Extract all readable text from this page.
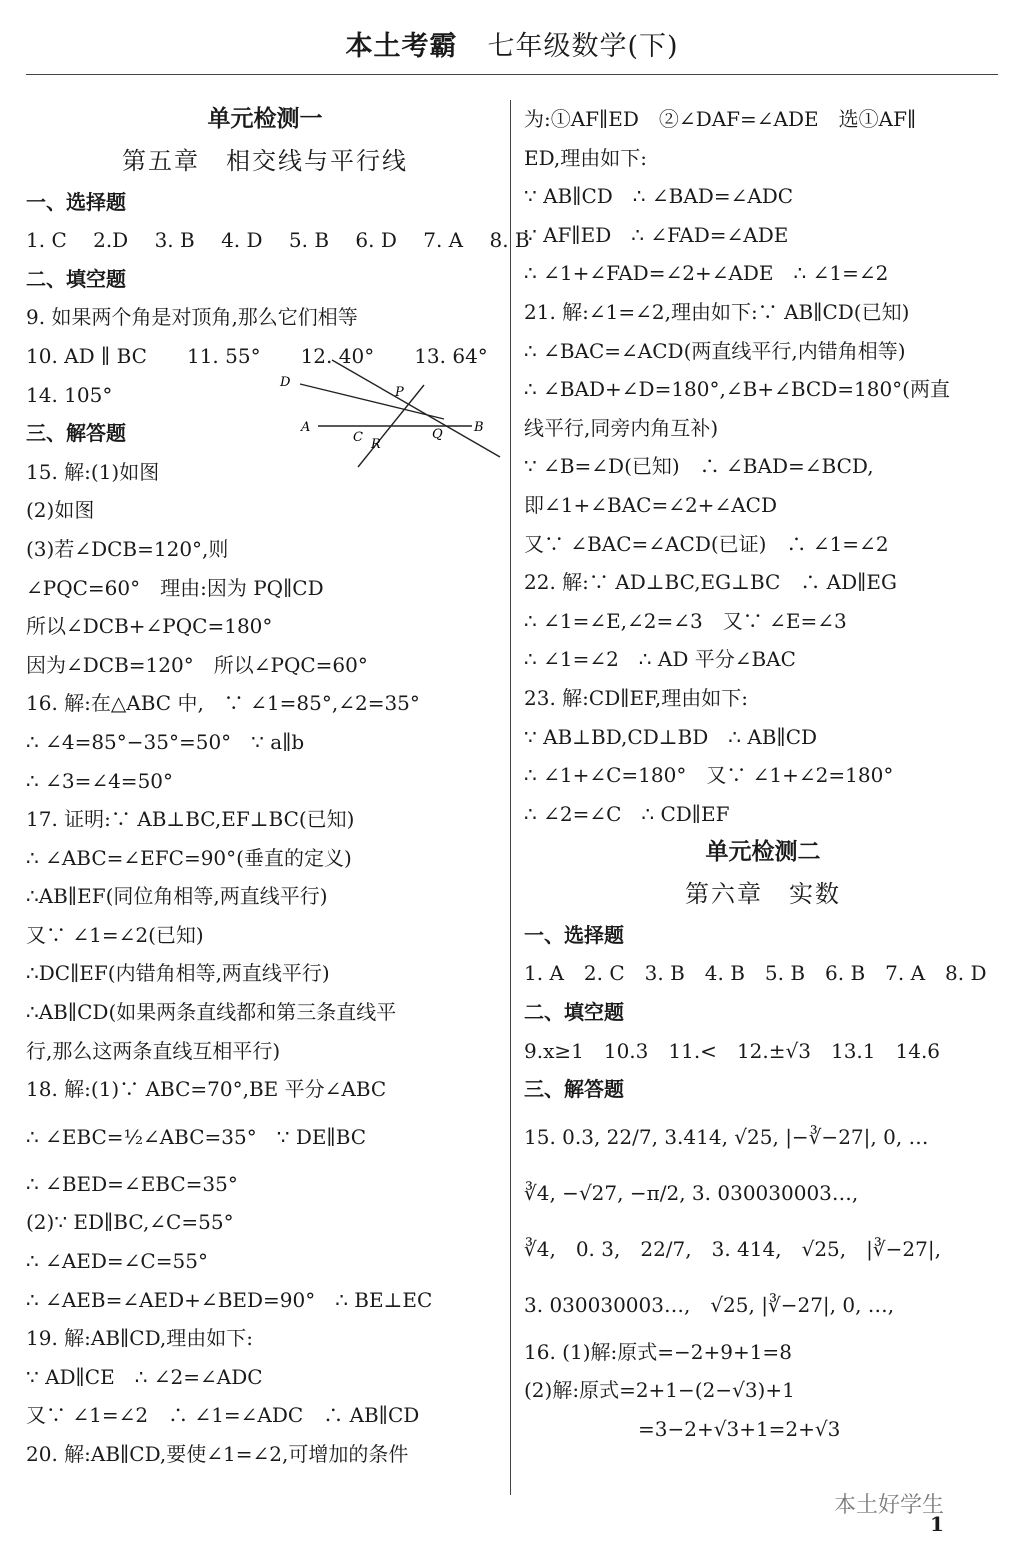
本土考霸 七年级数学(下)
单元检测一
第五章　相交线与平行线
一、选择题
1. C　 2.D　 3. B　 4. D　 5. B　 6. D　 7. A　 8. B
二、填空题
9. 如果两个角是对顶角,那么它们相等
10. AD ∥ BC　　11. 55°　　12. 40°　　13. 64°
14. 105°
三、解答题
15. 解:(1)如图
(2)如图
(3)若∠DCB=120°,则
∠PQC=60°　理由:因为 PQ∥CD
所以∠DCB+∠PQC=180°
因为∠DCB=120°　所以∠PQC=60°
16. 解:在△ABC 中,　∵ ∠1=85°,∠2=35°
∴ ∠4=85°−35°=50°　∵ a∥b
∴ ∠3=∠4=50°
17. 证明:∵ AB⊥BC,EF⊥BC(已知)
∴ ∠ABC=∠EFC=90°(垂直的定义)
∴AB∥EF(同位角相等,两直线平行)
又∵ ∠1=∠2(已知)
∴DC∥EF(内错角相等,两直线平行)
∴AB∥CD(如果两条直线都和第三条直线平
行,那么这两条直线互相平行)
18. 解:(1)∵ ABC=70°,BE 平分∠ABC
∴ ∠EBC=½∠ABC=35°　∵ DE∥BC
∴ ∠BED=∠EBC=35°
(2)∵ ED∥BC,∠C=55°
∴ ∠AED=∠C=55°
∴ ∠AEB=∠AED+∠BED=90°　∴ BE⊥EC
19. 解:AB∥CD,理由如下:
∵ AD∥CE　∴ ∠2=∠ADC
又∵ ∠1=∠2　∴ ∠1=∠ADC　∴ AB∥CD
20. 解:AB∥CD,要使∠1=∠2,可增加的条件
为:①AF∥ED　②∠DAF=∠ADE　选①AF∥
ED,理由如下:
∵ AB∥CD　∴ ∠BAD=∠ADC
∵ AF∥ED　∴ ∠FAD=∠ADE
∴ ∠1+∠FAD=∠2+∠ADE　∴ ∠1=∠2
21. 解:∠1=∠2,理由如下:∵ AB∥CD(已知)
∴ ∠BAC=∠ACD(两直线平行,内错角相等)
∴ ∠BAD+∠D=180°,∠B+∠BCD=180°(两直
线平行,同旁内角互补)
∵ ∠B=∠D(已知)　∴ ∠BAD=∠BCD,
即∠1+∠BAC=∠2+∠ACD
又∵ ∠BAC=∠ACD(已证)　∴ ∠1=∠2
22. 解:∵ AD⊥BC,EG⊥BC　∴ AD∥EG
∴ ∠1=∠E,∠2=∠3　又∵ ∠E=∠3
∴ ∠1=∠2　∴ AD 平分∠BAC
23. 解:CD∥EF,理由如下:
∵ AB⊥BD,CD⊥BD　∴ AB∥CD
∴ ∠1+∠C=180°　又∵ ∠1+∠2=180°
∴ ∠2=∠C　∴ CD∥EF
单元检测二
第六章　实数
一、选择题
1. A　2. C　3. B　4. B　5. B　6. B　7. A　8. D
二、填空题
9.x≥1　10.3　11.<　12.±√3　13.1　14.6
三、解答题
15. 0.3, 22/7, 3.414, √25, |−∛−27|, 0, …
∛4, −√27, −π/2, 3. 030030003…,
∛4,　0. 3,　22/7,　3. 414,　√25,　|∛−27|,
3. 030030003…,　√25, |∛−27|, 0, …,
16. (1)解:原式=−2+9+1=8
(2)解:原式=2+1−(2−√3)+1
=3−2+√3+1=2+√3
D
P
A
C R
Q B
本土好学生
1
